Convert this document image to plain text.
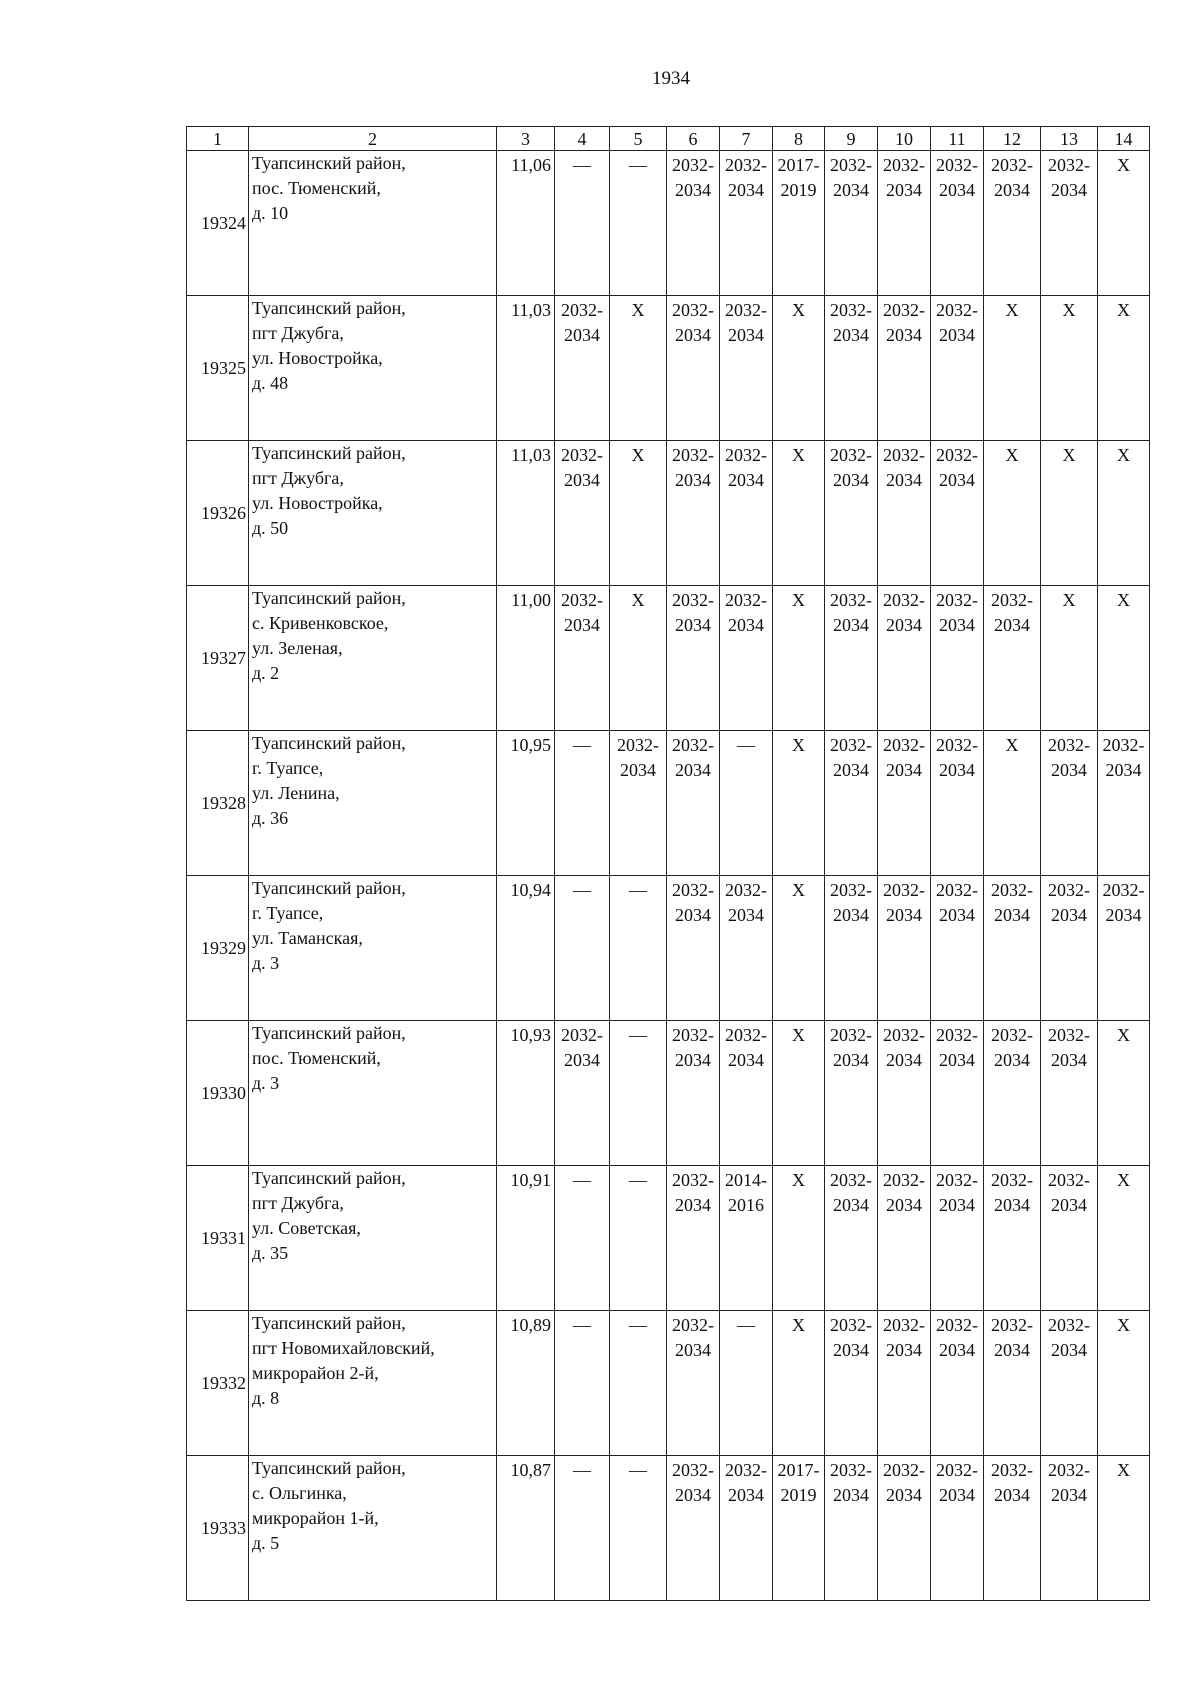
1934
1	2	3	4	5	6	7	8	9	10	11	12	13	14
19324	Туапсинский район,
пос. Тюменский,
д. 10	11,06	—	—	2032-
2034	2032-
2034	2017-
2019	2032-
2034	2032-
2034	2032-
2034	2032-
2034	2032-
2034	Х
19325	Туапсинский район,
пгт Джубга,
ул. Новостройка,
д. 48	11,03	2032-
2034	Х	2032-
2034	2032-
2034	Х	2032-
2034	2032-
2034	2032-
2034	Х	Х	Х
19326	Туапсинский район,
пгт Джубга,
ул. Новостройка,
д. 50	11,03	2032-
2034	Х	2032-
2034	2032-
2034	Х	2032-
2034	2032-
2034	2032-
2034	Х	Х	Х
19327	Туапсинский район,
с. Кривенковское,
ул. Зеленая,
д. 2	11,00	2032-
2034	Х	2032-
2034	2032-
2034	Х	2032-
2034	2032-
2034	2032-
2034	2032-
2034	Х	Х
19328	Туапсинский район,
г. Туапсе,
ул. Ленина,
д. 36	10,95	—	2032-
2034	2032-
2034	—	Х	2032-
2034	2032-
2034	2032-
2034	Х	2032-
2034	2032-
2034
19329	Туапсинский район,
г. Туапсе,
ул. Таманская,
д. 3	10,94	—	—	2032-
2034	2032-
2034	Х	2032-
2034	2032-
2034	2032-
2034	2032-
2034	2032-
2034	2032-
2034
19330	Туапсинский район,
пос. Тюменский,
д. 3	10,93	2032-
2034	—	2032-
2034	2032-
2034	Х	2032-
2034	2032-
2034	2032-
2034	2032-
2034	2032-
2034	Х
19331	Туапсинский район,
пгт Джубга,
ул. Советская,
д. 35	10,91	—	—	2032-
2034	2014-
2016	Х	2032-
2034	2032-
2034	2032-
2034	2032-
2034	2032-
2034	Х
19332	Туапсинский район,
пгт Новомихайловский,
микрорайон 2-й,
д. 8	10,89	—	—	2032-
2034	—	Х	2032-
2034	2032-
2034	2032-
2034	2032-
2034	2032-
2034	Х
19333	Туапсинский район,
с. Ольгинка,
микрорайон 1-й,
д. 5	10,87	—	—	2032-
2034	2032-
2034	2017-
2019	2032-
2034	2032-
2034	2032-
2034	2032-
2034	2032-
2034	Х
